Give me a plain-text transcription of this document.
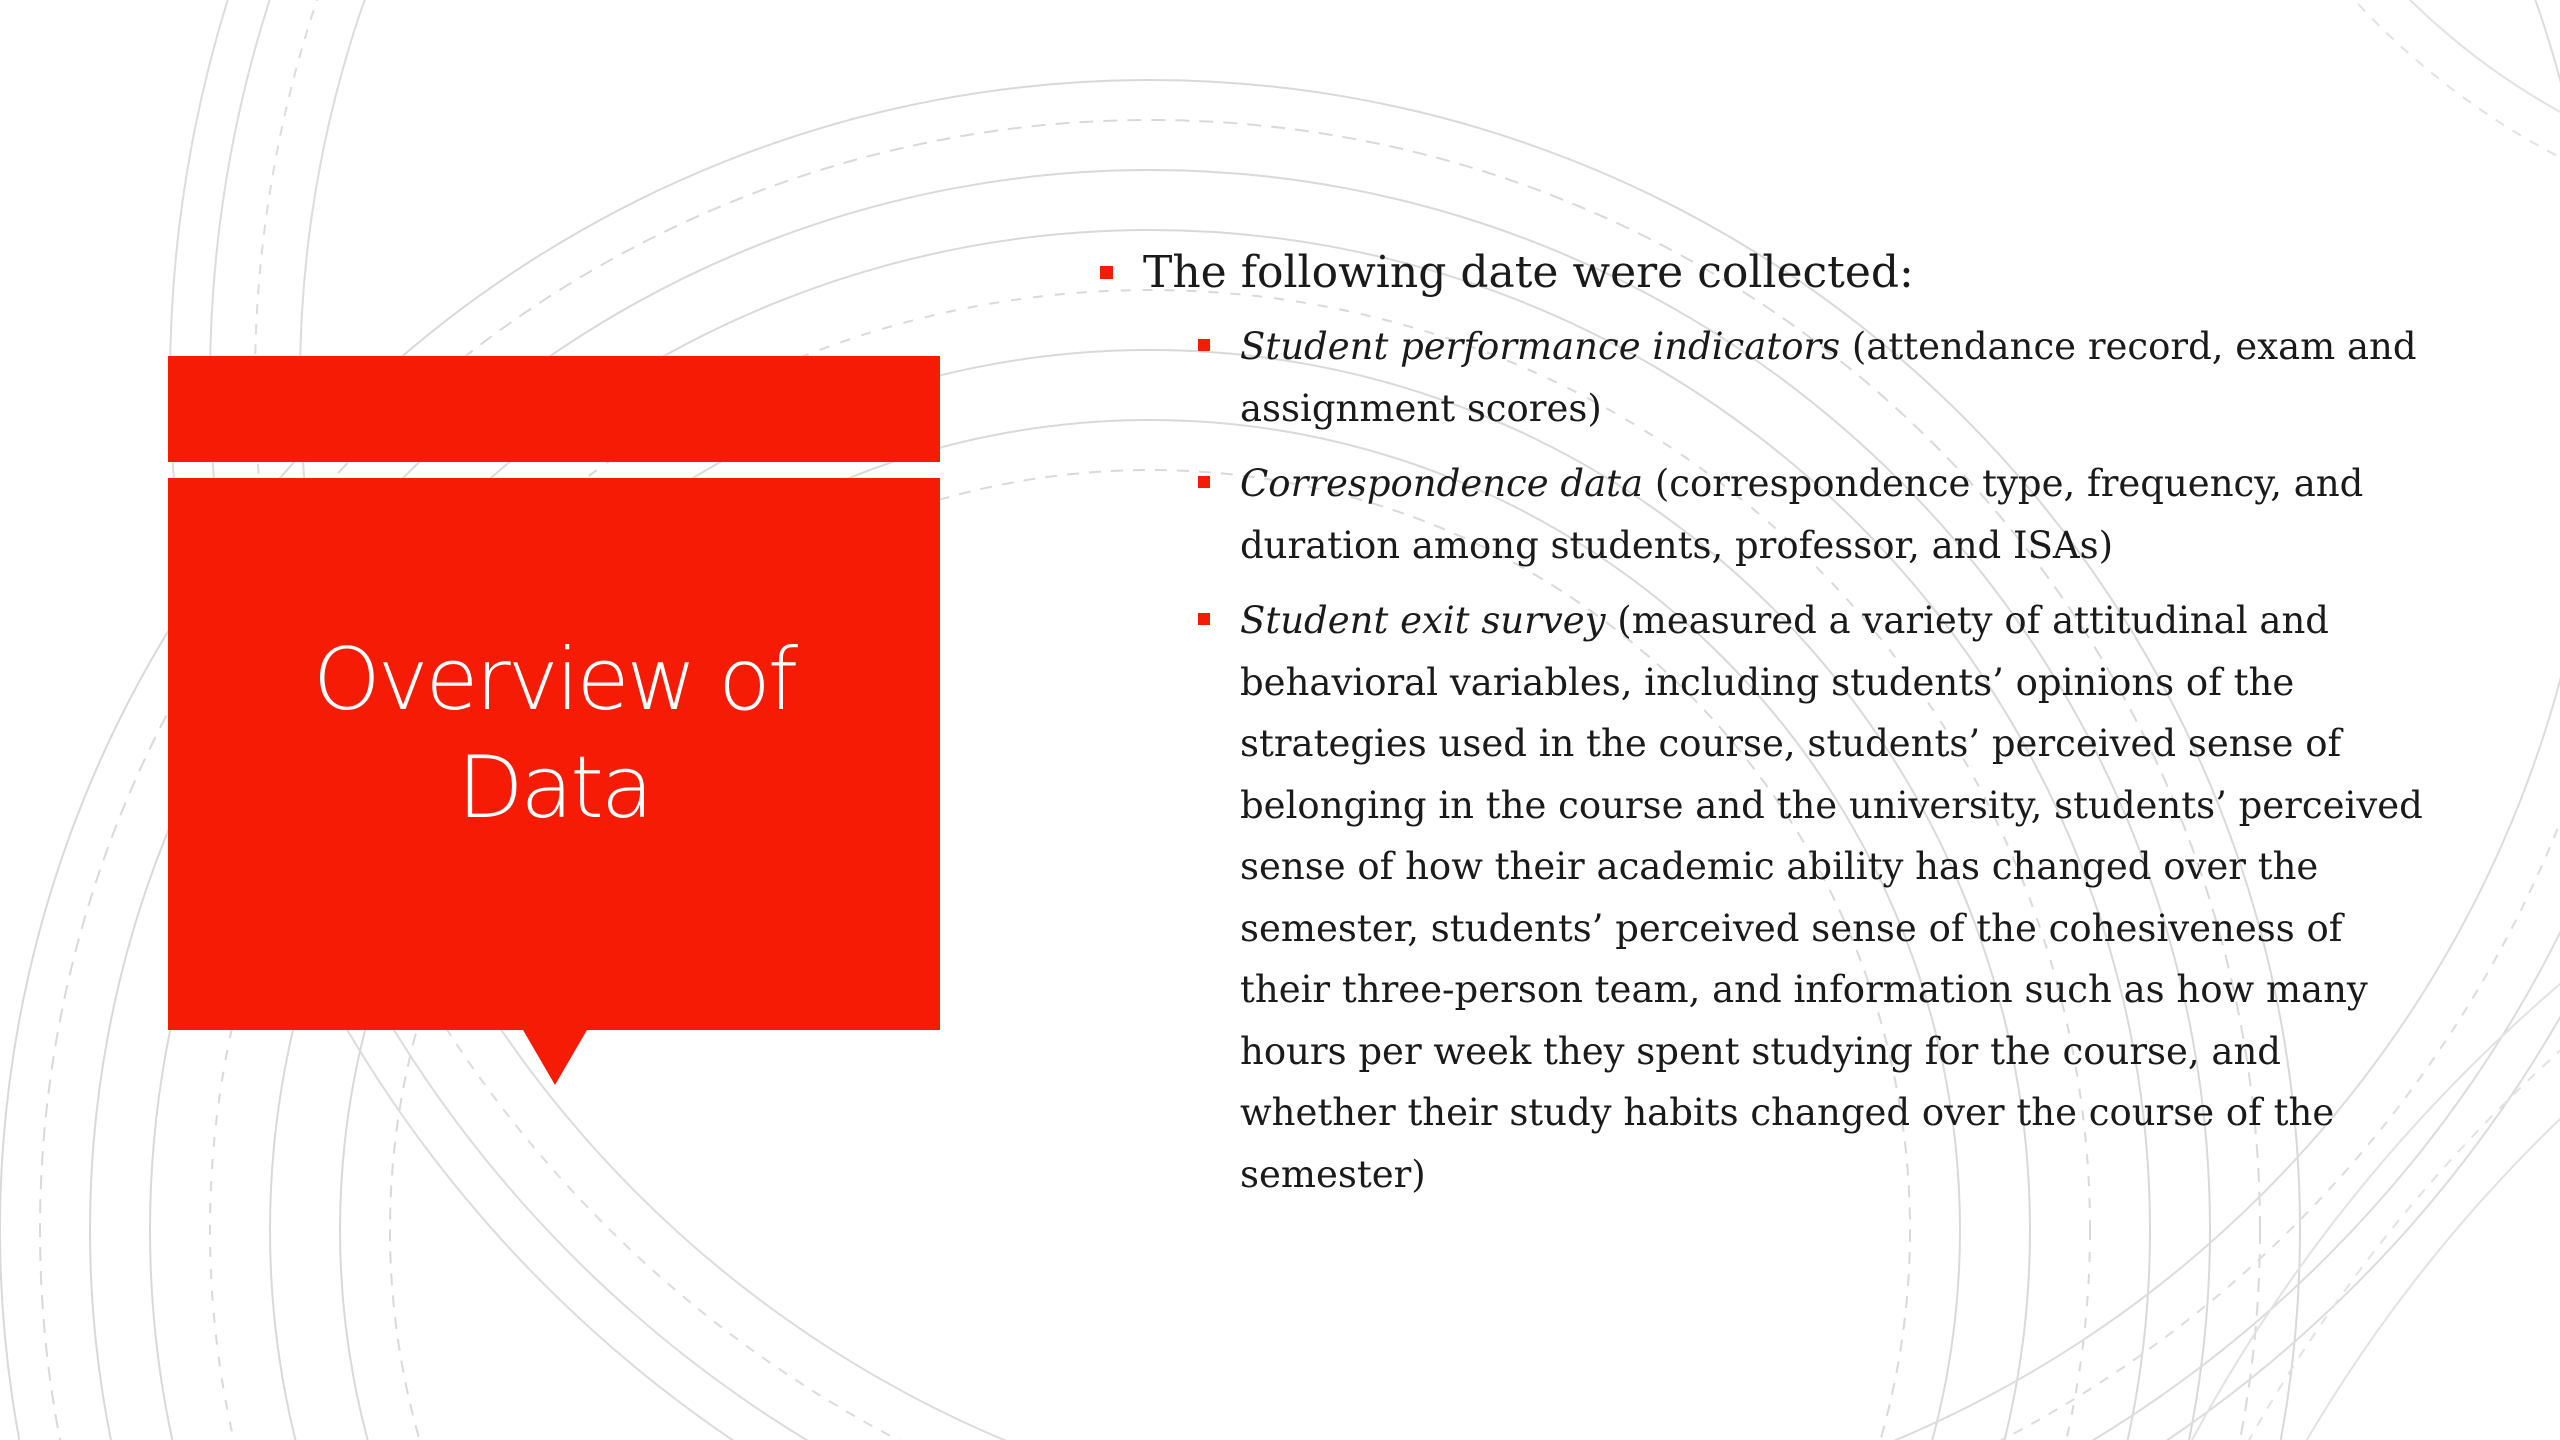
Overview of Data
The following date were collected:
Student performance indicators (attendance record, exam and assignment scores)
Correspondence data (correspondence type, frequency, and duration among students, professor, and ISAs)
Student exit survey (measured a variety of attitudinal and behavioral variables, including students’ opinions of the strategies used in the course, students’ perceived sense of belonging in the course and the university, students’ perceived sense of how their academic ability has changed over the semester, students’ perceived sense of the cohesiveness of their three-person team, and information such as how many hours per week they spent studying for the course, and whether their study habits changed over the course of the semester)
